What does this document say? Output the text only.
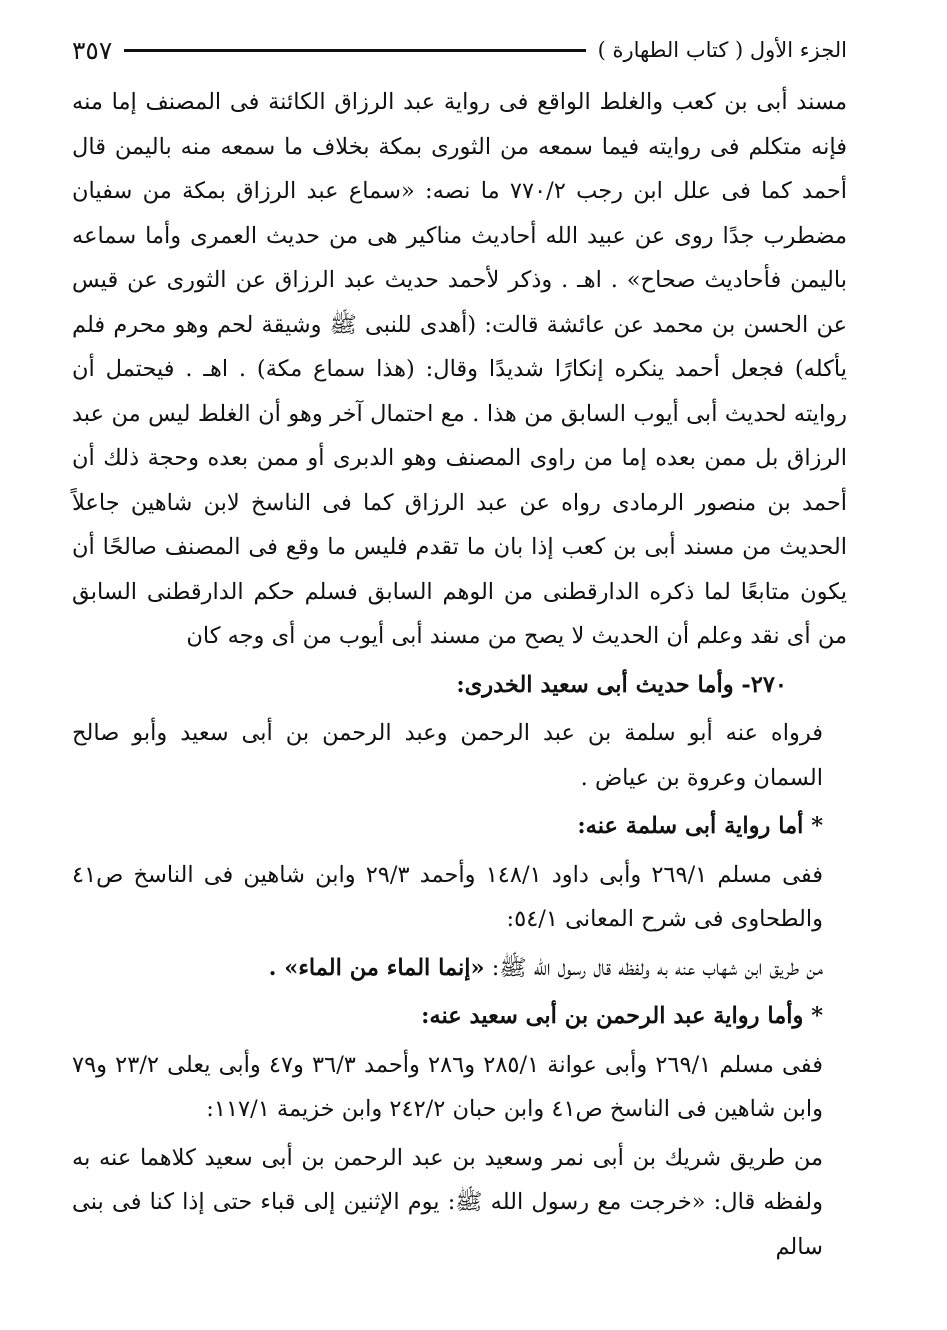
الجزء الأول ( كتاب الطهارة )
٣٥٧

مسند أبى بن كعب والغلط الواقع فى رواية عبد الرزاق الكائنة فى المصنف إما منه فإنه متكلم فى روايته فيما سمعه من الثورى بمكة بخلاف ما سمعه منه باليمن قال أحمد كما فى علل ابن رجب ٧٧٠/٢ ما نصه: «سماع عبد الرزاق بمكة من سفيان مضطرب جدًا روى عن عبيد الله أحاديث مناكير هى من حديث العمرى وأما سماعه باليمن فأحاديث صحاح» . اهـ . وذكر لأحمد حديث عبد الرزاق عن الثورى عن قيس عن الحسن بن محمد عن عائشة قالت: (أهدى للنبى ﷺ وشيقة لحم وهو محرم فلم يأكله) فجعل أحمد ينكره إنكارًا شديدًا وقال: (هذا سماع مكة) . اهـ . فيحتمل أن روايته لحديث أبى أيوب السابق من هذا . مع احتمال آخر وهو أن الغلط ليس من عبد الرزاق بل ممن بعده إما من راوى المصنف وهو الدبرى أو ممن بعده وحجة ذلك أن أحمد بن منصور الرمادى رواه عن عبد الرزاق كما فى الناسخ لابن شاهين جاعلاً الحديث من مسند أبى بن كعب إذا بان ما تقدم فليس ما وقع فى المصنف صالحًا أن يكون متابعًا لما ذكره الدارقطنى من الوهم السابق فسلم حكم الدارقطنى السابق من أى نقد وعلم أن الحديث لا يصح من مسند أبى أيوب من أى وجه كان

٢٧٠- وأما حديث أبى سعيد الخدرى:

فرواه عنه أبو سلمة بن عبد الرحمن وعبد الرحمن بن أبى سعيد وأبو صالح السمان وعروة بن عياض .

* أما رواية أبى سلمة عنه:

ففى مسلم ٢٦٩/١ وأبى داود ١٤٨/١ وأحمد ٢٩/٣ وابن شاهين فى الناسخ ص٤١ والطحاوى فى شرح المعانى ٥٤/١:

من طريق ابن شهاب عنه به ولفظه قال رسول الله ﷺ: «إنما الماء من الماء» .

* وأما رواية عبد الرحمن بن أبى سعيد عنه:

ففى مسلم ٢٦٩/١ وأبى عوانة ٢٨٥/١ و٢٨٦ وأحمد ٣٦/٣ و٤٧ وأبى يعلى ٢٣/٢ و٧٩ وابن شاهين فى الناسخ ص٤١ وابن حبان ٢٤٢/٢ وابن خزيمة ١١٧/١:

من طريق شريك بن أبى نمر وسعيد بن عبد الرحمن بن أبى سعيد كلاهما عنه به ولفظه قال: «خرجت مع رسول الله ﷺ: يوم الإثنين إلى قباء حتى إذا كنا فى بنى سالم
